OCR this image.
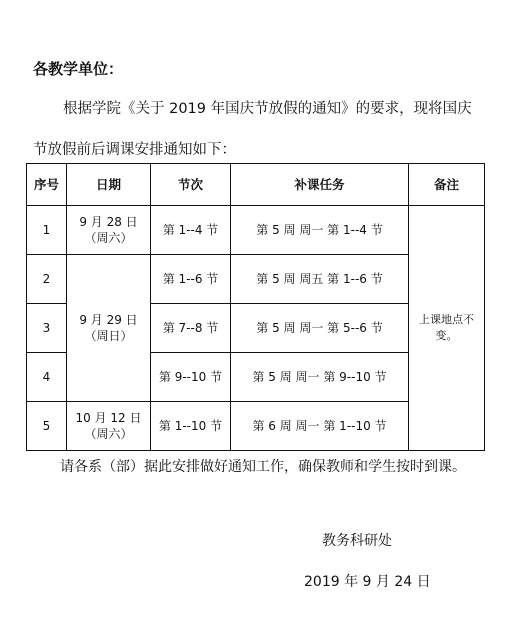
各教学单位：
根据学院《关于 2019 年国庆节放假的通知》的要求，现将国庆
节放假前后调课安排通知如下：
序号	日期	节次	补课任务	备注
1	9 月 28 日
（周六）	第 1--4 节	第 5 周 周一 第 1--4 节	上课地点不变。
2	9 月 29 日
（周日）	第 1--6 节	第 5 周 周五 第 1--6 节	
3		第 7--8 节	第 5 周 周一 第 5--6 节	
4		第 9--10 节	第 5 周 周一 第 9--10 节	
5	10 月 12 日
（周六）	第 1--10 节	第 6 周 周一 第 1--10 节	
请各系（部）据此安排做好通知工作，确保教师和学生按时到课。
教务科研处
2019 年 9 月 24 日
